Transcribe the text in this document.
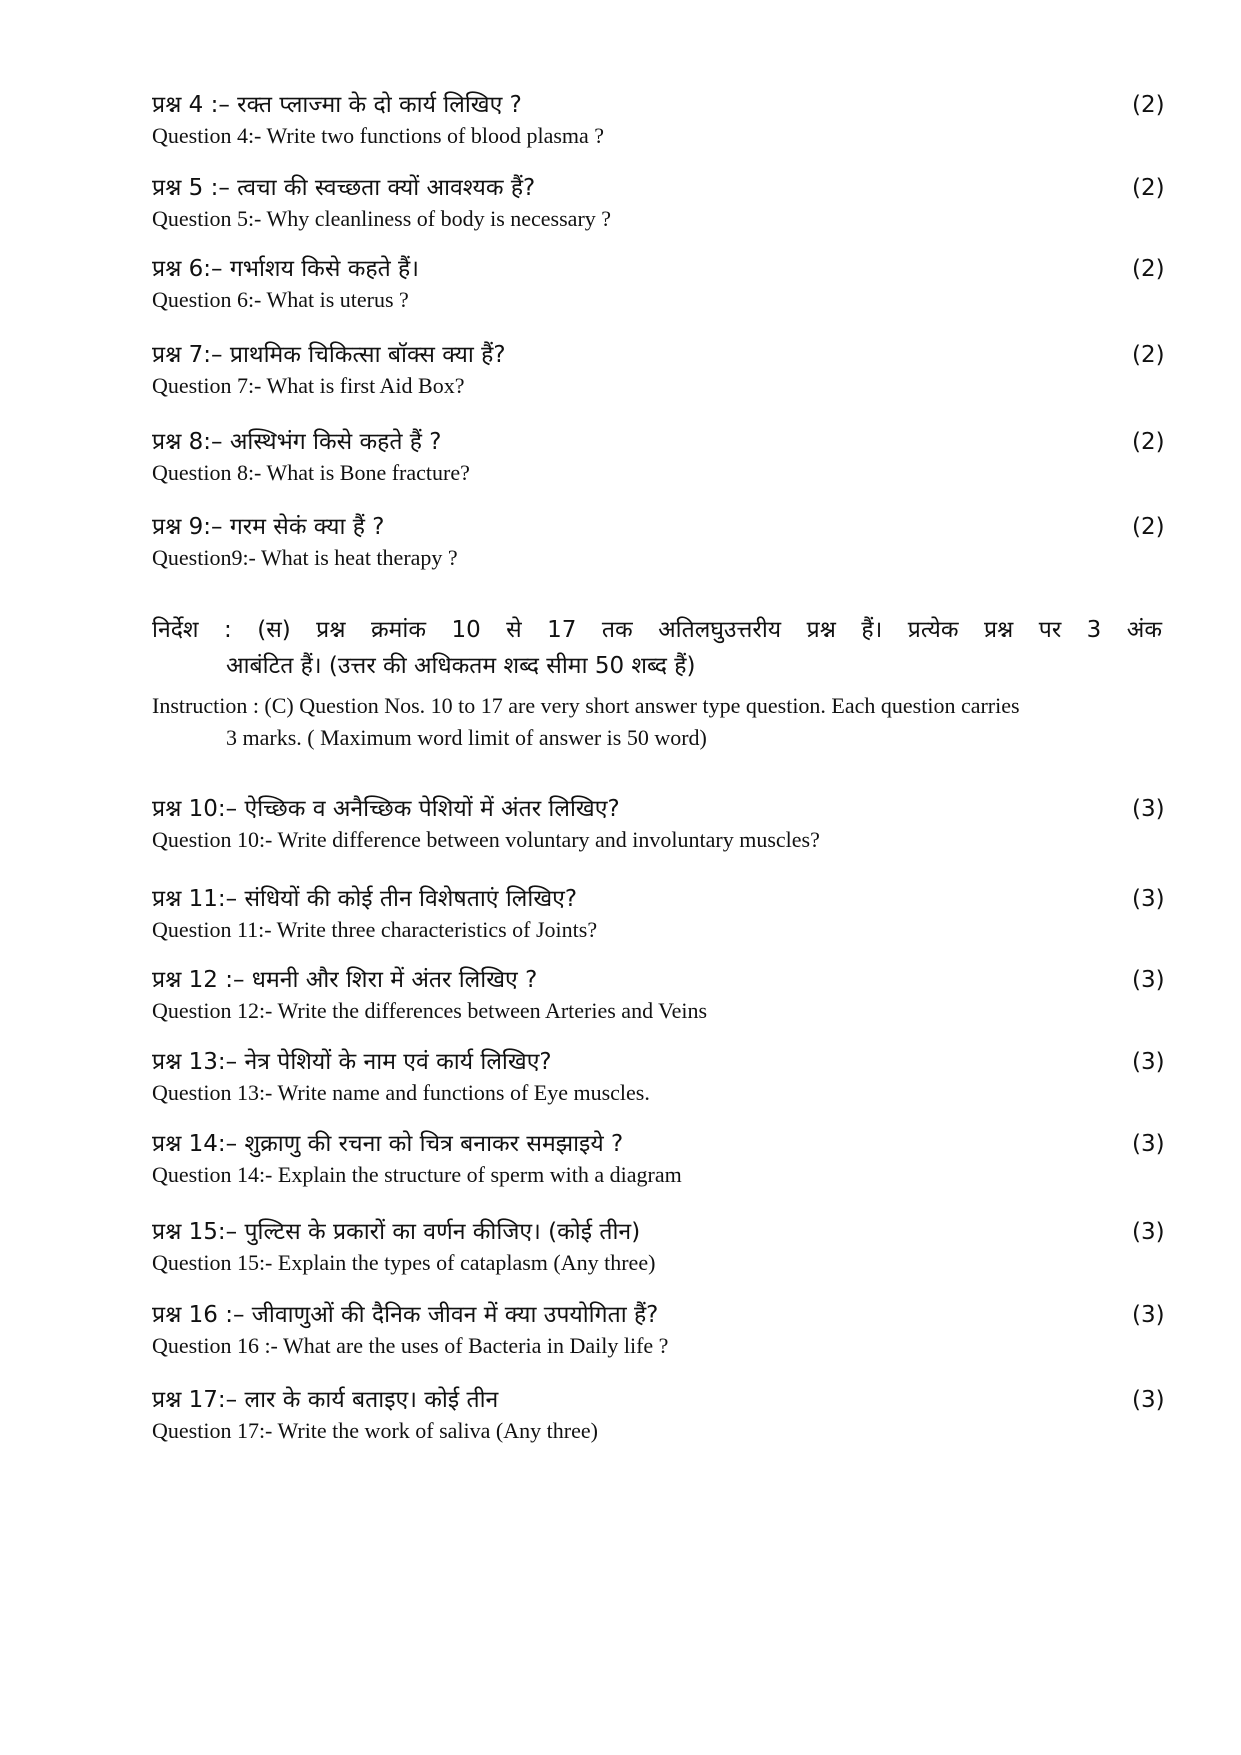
प्रश्न 4 :– रक्त प्लाज्मा के दो कार्य लिखिए ?
Question 4:- Write two functions of blood plasma ?
(2)
प्रश्न 5 :– त्वचा की स्वच्छता क्यों आवश्यक हैं?
Question 5:- Why cleanliness of body is necessary ?
(2)
प्रश्न 6:– गर्भाशय किसे कहते हैं।
Question 6:- What is uterus ?
(2)
प्रश्न 7:– प्राथमिक चिकित्सा बॉक्स क्या हैं?
Question 7:- What is first Aid Box?
(2)
प्रश्न 8:– अस्थिभंग किसे कहते हैं ?
Question 8:- What is Bone fracture?
(2)
प्रश्न 9:– गरम सेकं क्या हैं ?
Question9:- What is heat therapy ?
(2)
निर्देश : (स) प्रश्न क्रमांक 10 से 17 तक अतिलघुउत्तरीय प्रश्न हैं। प्रत्येक प्रश्न पर 3 अंक
आबंटित हैं। (उत्तर की अधिकतम शब्द सीमा 50 शब्द हैं)
Instruction : (C) Question Nos. 10 to 17 are very short answer type question. Each question carries
3 marks. ( Maximum word limit of answer is 50 word)
प्रश्न 10:– ऐच्छिक व अनैच्छिक पेशियों में अंतर लिखिए?
Question 10:- Write difference between voluntary and involuntary muscles?
(3)
प्रश्न 11:– संधियों की कोई तीन विशेषताएं लिखिए?
Question 11:- Write three characteristics of Joints?
(3)
प्रश्न 12 :– धमनी और शिरा में अंतर लिखिए ?
Question 12:- Write the differences between Arteries and Veins
(3)
प्रश्न 13:– नेत्र पेशियों के नाम एवं कार्य लिखिए?
Question 13:- Write name and functions of Eye muscles.
(3)
प्रश्न 14:– शुक्राणु की रचना को चित्र बनाकर समझाइये ?
Question 14:- Explain the structure of sperm with a diagram
(3)
प्रश्न 15:– पुल्टिस के प्रकारों का वर्णन कीजिए। (कोई तीन)
Question 15:- Explain the types of cataplasm (Any three)
(3)
प्रश्न 16 :– जीवाणुओं की दैनिक जीवन में क्या उपयोगिता हैं?
Question 16 :- What are the uses of Bacteria in Daily life ?
(3)
प्रश्न 17:– लार के कार्य बताइए। कोई तीन
Question 17:- Write the work of saliva (Any three)
(3)
